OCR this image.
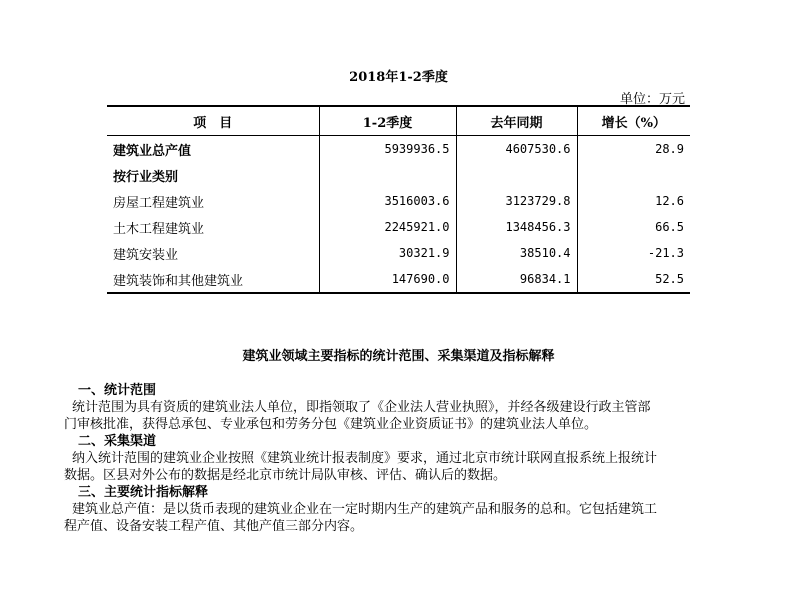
2018年1-2季度
单位：万元
项　目	1-2季度	去年同期	增长（%）
建筑业总产值	5939936.5	4607530.6	28.9
按行业类别			
房屋工程建筑业	3516003.6	3123729.8	12.6
土木工程建筑业	2245921.0	1348456.3	66.5
建筑安装业	30321.9	38510.4	-21.3
建筑装饰和其他建筑业	147690.0	96834.1	52.5
建筑业领域主要指标的统计范围、采集渠道及指标解释
一、统计范围
统计范围为具有资质的建筑业法人单位，即指领取了《企业法人营业执照》，并经各级建设行政主管部
门审核批准，获得总承包、专业承包和劳务分包《建筑业企业资质证书》的建筑业法人单位。
二、采集渠道
纳入统计范围的建筑业企业按照《建筑业统计报表制度》要求，通过北京市统计联网直报系统上报统计
数据。区县对外公布的数据是经北京市统计局队审核、评估、确认后的数据。
三、主要统计指标解释
建筑业总产值：是以货币表现的建筑业企业在一定时期内生产的建筑产品和服务的总和。它包括建筑工
程产值、设备安装工程产值、其他产值三部分内容。
